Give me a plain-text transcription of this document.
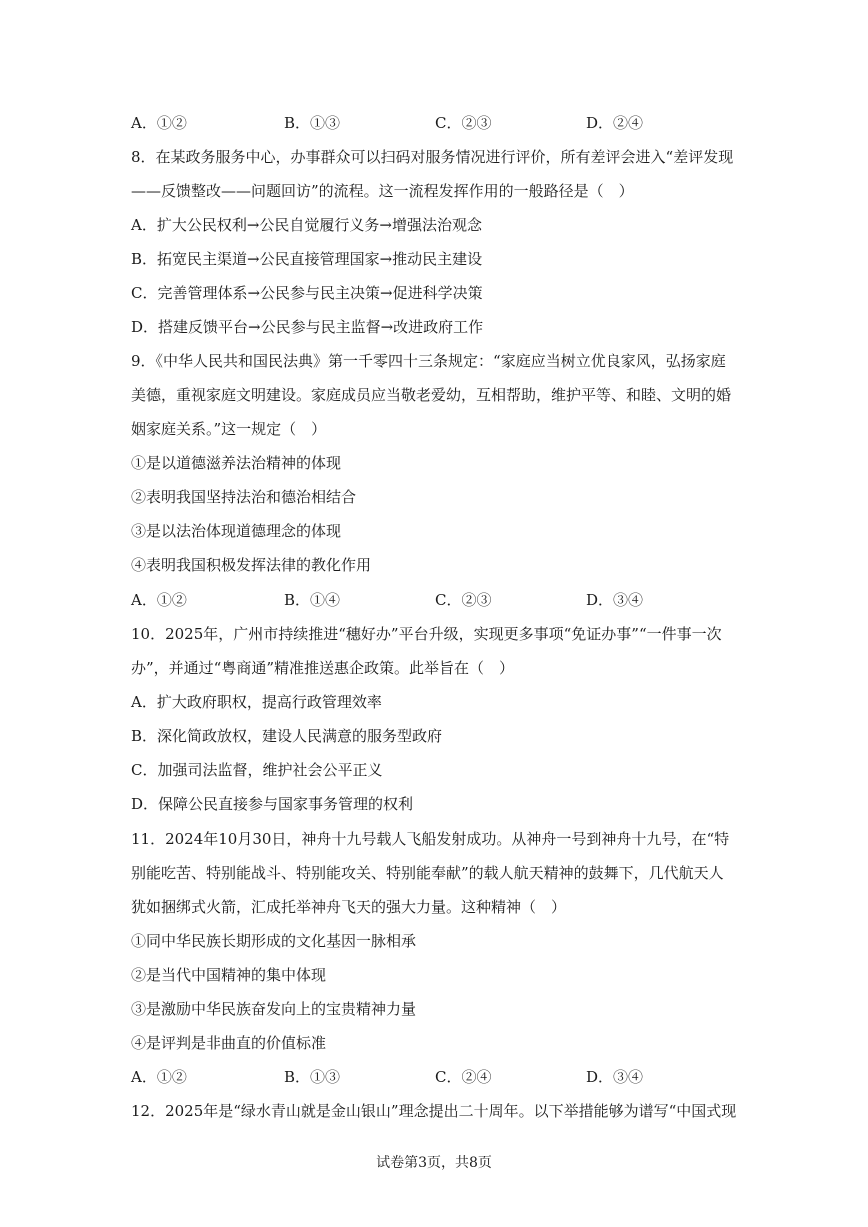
A．①②	B．①③	C．②③	D．②④
8．在某政务服务中心，办事群众可以扫码对服务情况进行评价，所有差评会进入“差评发现
——反馈整改——问题回访”的流程。这一流程发挥作用的一般路径是（　）
A．扩大公民权利→公民自觉履行义务→增强法治观念
B．拓宽民主渠道→公民直接管理国家→推动民主建设
C．完善管理体系→公民参与民主决策→促进科学决策
D．搭建反馈平台→公民参与民主监督→改进政府工作
9．《中华人民共和国民法典》第一千零四十三条规定：“家庭应当树立优良家风，弘扬家庭
美德，重视家庭文明建设。家庭成员应当敬老爱幼，互相帮助，维护平等、和睦、文明的婚
姻家庭关系。”这一规定（　）
①是以道德滋养法治精神的体现
②表明我国坚持法治和德治相结合
③是以法治体现道德理念的体现
④表明我国积极发挥法律的教化作用
A．①②	B．①④	C．②③	D．③④
10．2025年，广州市持续推进“穗好办”平台升级，实现更多事项“免证办事”“一件事一次
办”，并通过“粤商通”精准推送惠企政策。此举旨在（　）
A．扩大政府职权，提高行政管理效率
B．深化简政放权，建设人民满意的服务型政府
C．加强司法监督，维护社会公平正义
D．保障公民直接参与国家事务管理的权利
11．2024年10月30日，神舟十九号载人飞船发射成功。从神舟一号到神舟十九号，在“特
别能吃苦、特别能战斗、特别能攻关、特别能奉献”的载人航天精神的鼓舞下，几代航天人
犹如捆绑式火箭，汇成托举神舟飞天的强大力量。这种精神（　）
①同中华民族长期形成的文化基因一脉相承
②是当代中国精神的集中体现
③是激励中华民族奋发向上的宝贵精神力量
④是评判是非曲直的价值标准
A．①②	B．①③	C．②④	D．③④
12．2025年是“绿水青山就是金山银山”理念提出二十周年。以下举措能够为谱写“中国式现
试卷第3页，共8页
